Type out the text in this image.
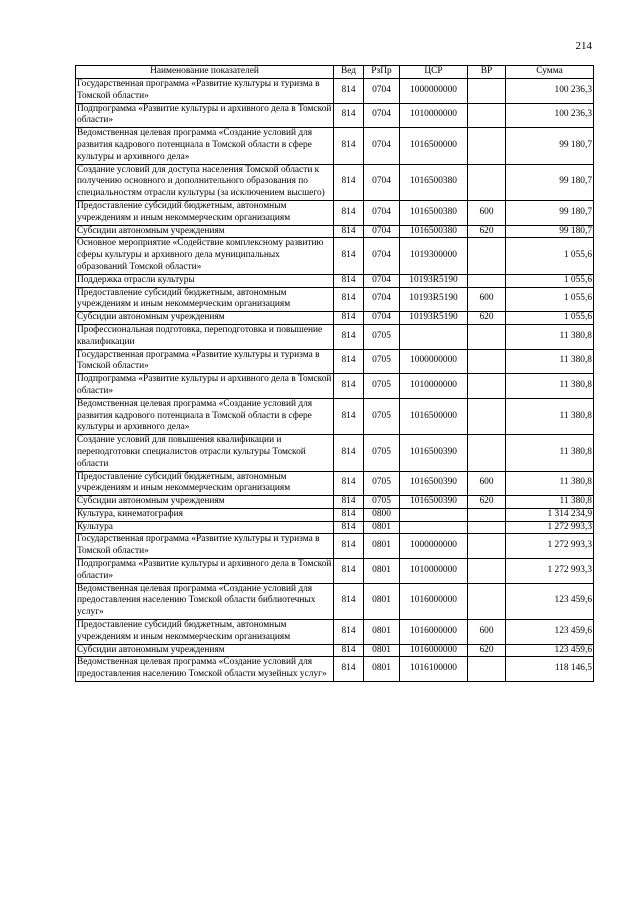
214
Наименование показателей	Вед	РзПр	ЦСР	ВР	Сумма
Государственная программа «Развитие культуры и туризма в Томской области»	814	0704	1000000000		100 236,3
Подпрограмма «Развитие культуры и архивного дела в Томской области»	814	0704	1010000000		100 236,3
Ведомственная целевая программа «Создание условий для развития кадрового потенциала в Томской области в сфере культуры и архивного дела»	814	0704	1016500000		99 180,7
Создание условий для доступа населения Томской области к получению основного и дополнительного образования по специальностям отрасли культуры (за исключением высшего)	814	0704	1016500380		99 180,7
Предоставление субсидий бюджетным, автономным учреждениям и иным некоммерческим организациям	814	0704	1016500380	600	99 180,7
Субсидии автономным учреждениям	814	0704	1016500380	620	99 180,7
Основное мероприятие «Содействие комплексному развитию сферы культуры и архивного дела муниципальных образований Томской области»	814	0704	1019300000		1 055,6
Поддержка отрасли культуры	814	0704	10193R5190		1 055,6
Предоставление субсидий бюджетным, автономным учреждениям и иным некоммерческим организациям	814	0704	10193R5190	600	1 055,6
Субсидии автономным учреждениям	814	0704	10193R5190	620	1 055,6
Профессиональная подготовка, переподготовка и повышение квалификации	814	0705			11 380,8
Государственная программа «Развитие культуры и туризма в Томской области»	814	0705	1000000000		11 380,8
Подпрограмма «Развитие культуры и архивного дела в Томской области»	814	0705	1010000000		11 380,8
Ведомственная целевая программа «Создание условий для развития кадрового потенциала в Томской области в сфере культуры и архивного дела»	814	0705	1016500000		11 380,8
Создание условий для повышения квалификации и переподготовки специалистов отрасли культуры Томской области	814	0705	1016500390		11 380,8
Предоставление субсидий бюджетным, автономным учреждениям и иным некоммерческим организациям	814	0705	1016500390	600	11 380,8
Субсидии автономным учреждениям	814	0705	1016500390	620	11 380,8
Культура, кинематография	814	0800			1 314 234,9
Культура	814	0801			1 272 993,3
Государственная программа «Развитие культуры и туризма в Томской области»	814	0801	1000000000		1 272 993,3
Подпрограмма «Развитие культуры и архивного дела в Томской области»	814	0801	1010000000		1 272 993,3
Ведомственная целевая программа «Создание условий для предоставления населению Томской области библиотечных услуг»	814	0801	1016000000		123 459,6
Предоставление субсидий бюджетным, автономным учреждениям и иным некоммерческим организациям	814	0801	1016000000	600	123 459,6
Субсидии автономным учреждениям	814	0801	1016000000	620	123 459,6
Ведомственная целевая программа «Создание условий для предоставления населению Томской области музейных услуг»	814	0801	1016100000		118 146,5
